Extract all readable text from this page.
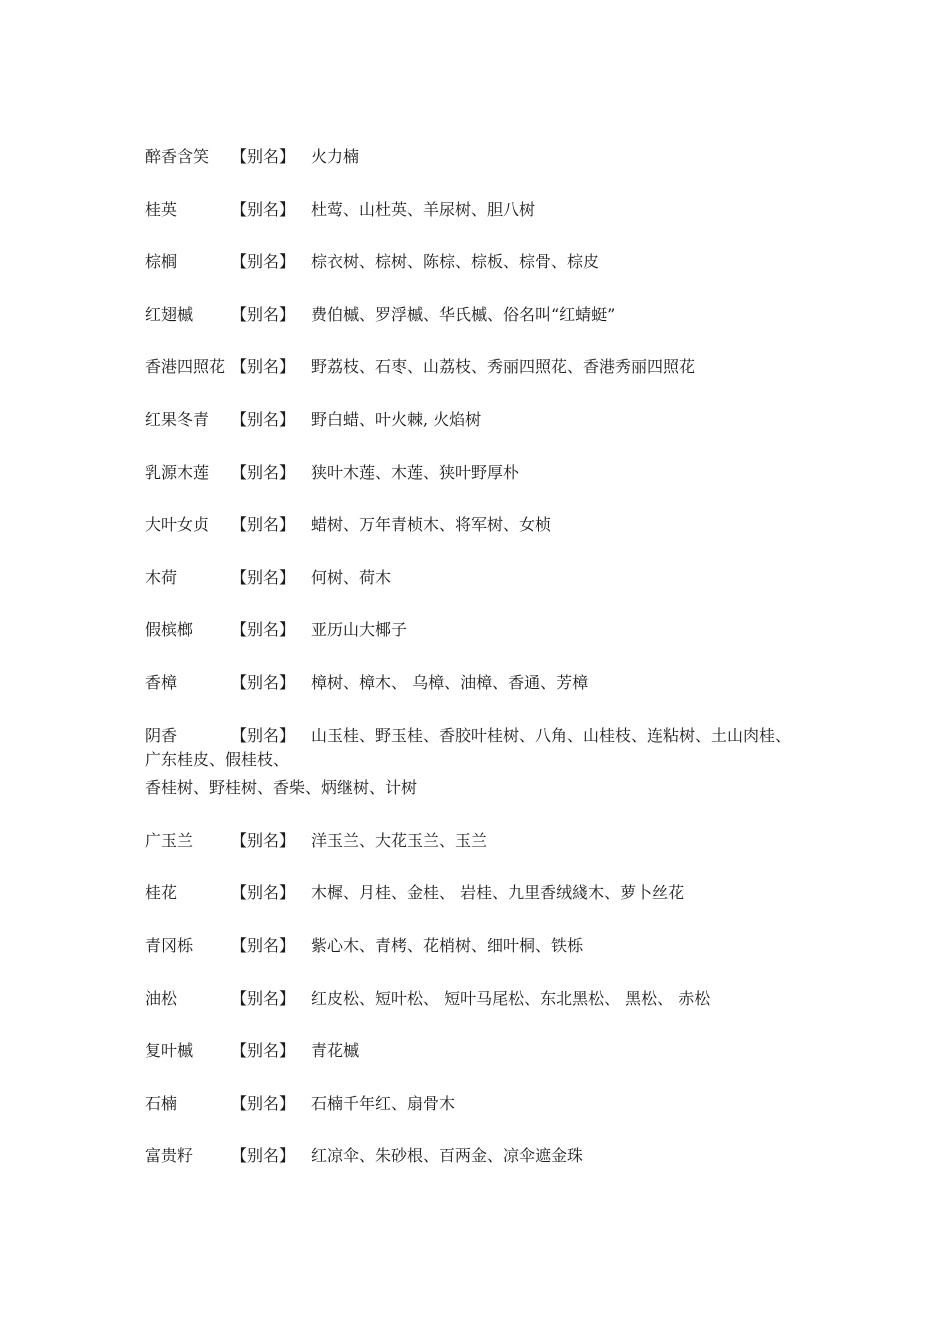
醉香含笑 【别名】 火力楠
桂英	【别名】 杜莺、山杜英、羊尿树、胆八树
棕榈	【别名】 棕衣树、棕树、陈棕、棕板、棕骨、棕皮
红翅槭 【别名】 费伯槭、罗浮槭、华氏槭、俗名叫“红蜻蜓”
香港四照花 【别名】 野荔枝、石枣、山荔枝、秀丽四照花、香港秀丽四照花
红果冬青 【别名】 野白蜡、叶火棘, 火焰树
乳源木莲 【别名】 狭叶木莲、木莲、狭叶野厚朴
大叶女贞 【别名】 蜡树、万年青桢木、将军树、女桢
木荷	【别名】 何树、荷木
假槟榔 【别名】 亚历山大椰子
香樟	【别名】 樟树、樟木、 乌樟、油樟、香通、芳樟
阴香	【别名】 山玉桂、野玉桂、香胶叶桂树、八角、山桂枝、连粘树、土山肉桂、
广东桂皮、假桂枝、
香桂树、野桂树、香柴、炳继树、计树
广玉兰 【别名】 洋玉兰、大花玉兰、玉兰
桂花	【别名】 木樨、月桂、金桂、 岩桂、九里香绒綫木、萝卜丝花
青冈栎 【别名】 紫心木、青栲、花梢树、细叶桐、铁栎
油松	【别名】 红皮松、短叶松、 短叶马尾松、东北黑松、 黑松、 赤松
复叶槭 【别名】 青花槭
石楠	【别名】 石楠千年红、扇骨木
富贵籽 【别名】 红凉伞、朱砂根、百两金、凉伞遮金珠
